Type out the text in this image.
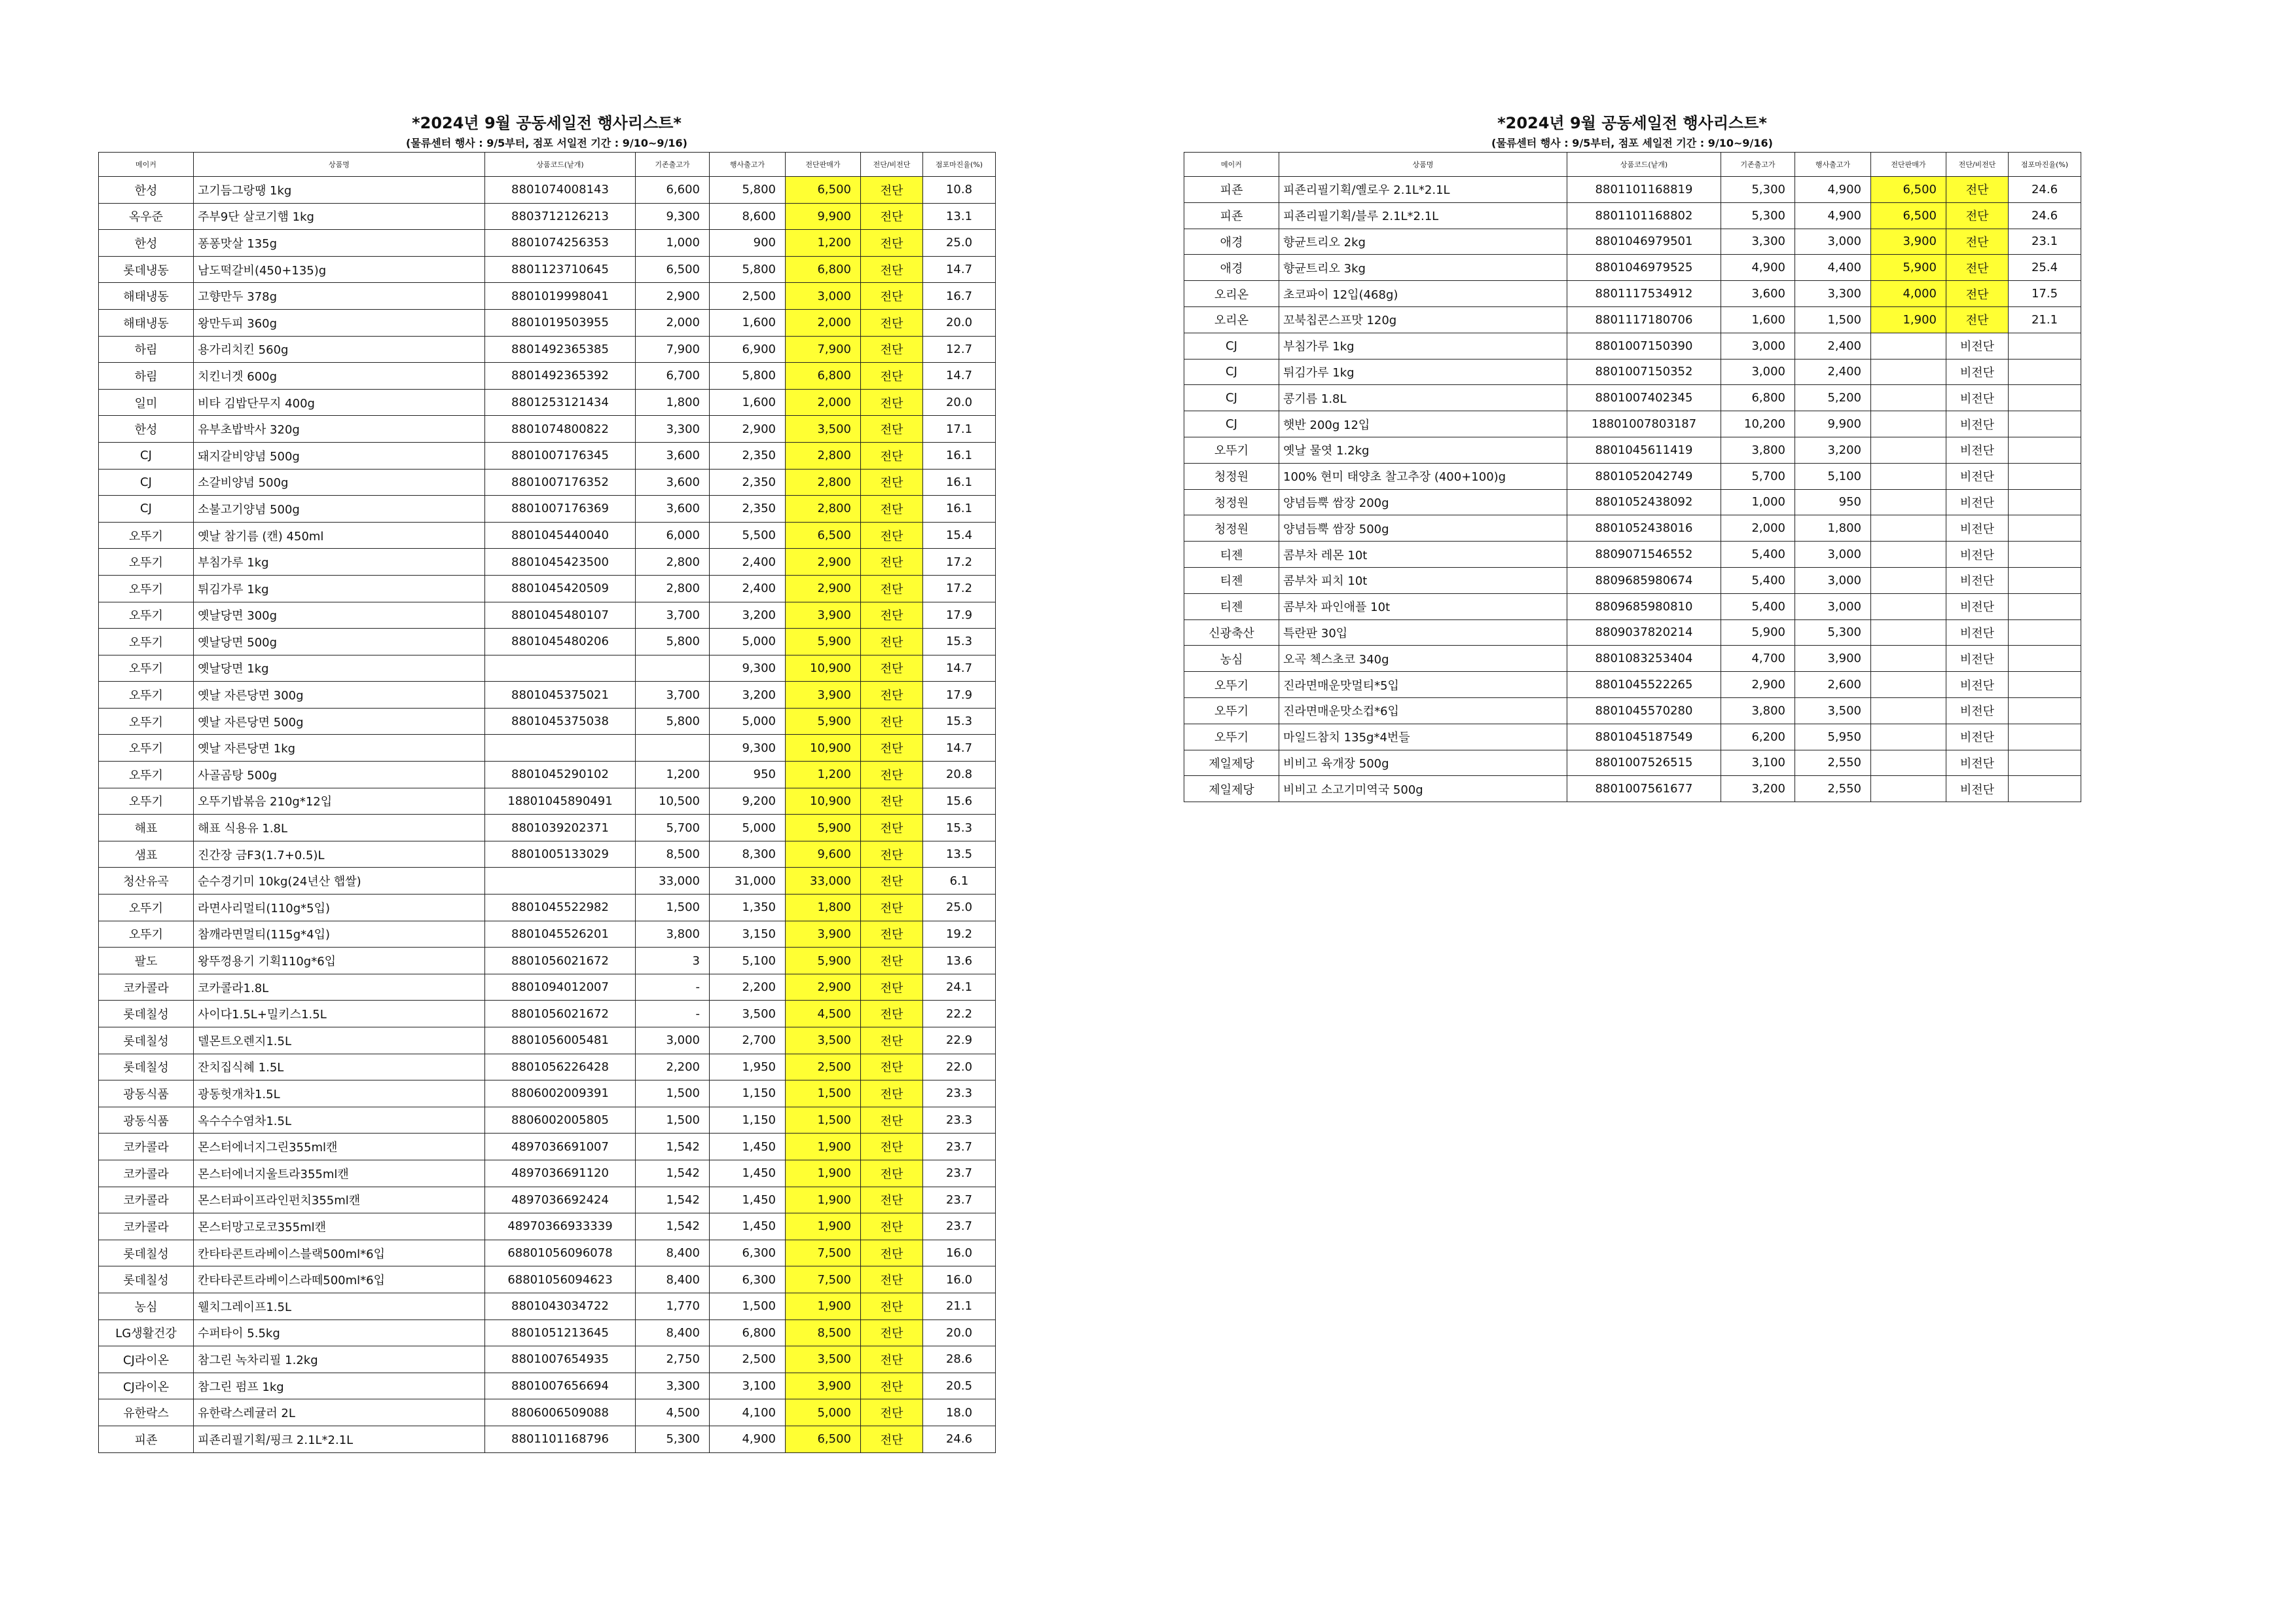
*2024년 9월 공동세일전 행사리스트*
(물류센터 행사 : 9/5부터, 점포 서일전 기간 : 9/10~9/16)
메이커	상품명	상품코드(낱개)	기존출고가	행사출고가	전단판매가	전단/비전단	점포마진율(%)
한성	고기듬그랑땡 1kg	8801074008143	6,600	5,800	6,500	전단	10.8
옥우준	주부9단 살코기햄 1kg	8803712126213	9,300	8,600	9,900	전단	13.1
한성	퐁퐁맛살 135g	8801074256353	1,000	900	1,200	전단	25.0
롯데냉동	남도떡갈비(450+135)g	8801123710645	6,500	5,800	6,800	전단	14.7
해태냉동	고향만두 378g	8801019998041	2,900	2,500	3,000	전단	16.7
해태냉동	왕만두피 360g	8801019503955	2,000	1,600	2,000	전단	20.0
하림	용가리치킨 560g	8801492365385	7,900	6,900	7,900	전단	12.7
하림	치킨너겟 600g	8801492365392	6,700	5,800	6,800	전단	14.7
일미	비타 김밥단무지 400g	8801253121434	1,800	1,600	2,000	전단	20.0
한성	유부초밥박사 320g	8801074800822	3,300	2,900	3,500	전단	17.1
CJ	돼지갈비양념 500g	8801007176345	3,600	2,350	2,800	전단	16.1
CJ	소갈비양념 500g	8801007176352	3,600	2,350	2,800	전단	16.1
CJ	소불고기양념 500g	8801007176369	3,600	2,350	2,800	전단	16.1
오뚜기	옛날 참기름 (캔) 450ml	8801045440040	6,000	5,500	6,500	전단	15.4
오뚜기	부침가루 1kg	8801045423500	2,800	2,400	2,900	전단	17.2
오뚜기	튀김가루 1kg	8801045420509	2,800	2,400	2,900	전단	17.2
오뚜기	옛날당면 300g	8801045480107	3,700	3,200	3,900	전단	17.9
오뚜기	옛날당면 500g	8801045480206	5,800	5,000	5,900	전단	15.3
오뚜기	옛날당면 1kg			9,300	10,900	전단	14.7
오뚜기	옛날 자른당면 300g	8801045375021	3,700	3,200	3,900	전단	17.9
오뚜기	옛날 자른당면 500g	8801045375038	5,800	5,000	5,900	전단	15.3
오뚜기	옛날 자른당면 1kg			9,300	10,900	전단	14.7
오뚜기	사골곰탕 500g	8801045290102	1,200	950	1,200	전단	20.8
오뚜기	오뚜기밥볶음 210g*12입	18801045890491	10,500	9,200	10,900	전단	15.6
해표	해표 식용유 1.8L	8801039202371	5,700	5,000	5,900	전단	15.3
샘표	진간장 금F3(1.7+0.5)L	8801005133029	8,500	8,300	9,600	전단	13.5
청산유곡	순수경기미 10kg(24년산 햅쌀)		33,000	31,000	33,000	전단	6.1
오뚜기	라면사리멀티(110g*5입)	8801045522982	1,500	1,350	1,800	전단	25.0
오뚜기	참깨라면멀티(115g*4입)	8801045526201	3,800	3,150	3,900	전단	19.2
팔도	왕뚜껑용기 기획110g*6입	8801056021672	3	5,100	5,900	전단	13.6
코카콜라	코카콜라1.8L	8801094012007	-	2,200	2,900	전단	24.1
롯데칠성	사이다1.5L+밀키스1.5L	8801056021672	-	3,500	4,500	전단	22.2
롯데칠성	델몬트오렌지1.5L	8801056005481	3,000	2,700	3,500	전단	22.9
롯데칠성	잔치집식혜 1.5L	8801056226428	2,200	1,950	2,500	전단	22.0
광동식품	광동헛개차1.5L	8806002009391	1,500	1,150	1,500	전단	23.3
광동식품	옥수수수염차1.5L	8806002005805	1,500	1,150	1,500	전단	23.3
코카콜라	몬스터에너지그린355ml캔	4897036691007	1,542	1,450	1,900	전단	23.7
코카콜라	몬스터에너지울트라355ml캔	4897036691120	1,542	1,450	1,900	전단	23.7
코카콜라	몬스터파이프라인펀치355ml캔	4897036692424	1,542	1,450	1,900	전단	23.7
코카콜라	몬스터망고로코355ml캔	48970366933339	1,542	1,450	1,900	전단	23.7
롯데칠성	칸타타콘트라베이스블랙500ml*6입	68801056096078	8,400	6,300	7,500	전단	16.0
롯데칠성	칸타타콘트라베이스라떼500ml*6입	68801056094623	8,400	6,300	7,500	전단	16.0
농심	웰치그레이프1.5L	8801043034722	1,770	1,500	1,900	전단	21.1
LG생활건강	수퍼타이 5.5kg	8801051213645	8,400	6,800	8,500	전단	20.0
CJ라이온	참그린 녹차리필 1.2kg	8801007654935	2,750	2,500	3,500	전단	28.6
CJ라이온	참그린 펌프 1kg	8801007656694	3,300	3,100	3,900	전단	20.5
유한락스	유한락스레귤러 2L	8806006509088	4,500	4,100	5,000	전단	18.0
피죤	피죤리필기획/핑크 2.1L*2.1L	8801101168796	5,300	4,900	6,500	전단	24.6
*2024년 9월 공동세일전 행사리스트*
(물류센터 행사 : 9/5부터, 점포 세일전 기간 : 9/10~9/16)
메이커	상품명	상품코드(낱개)	기존출고가	행사출고가	전단판매가	전단/비전단	점포마진율(%)
피죤	피죤리필기획/옐로우 2.1L*2.1L	8801101168819	5,300	4,900	6,500	전단	24.6
피죤	피죤리필기획/블루 2.1L*2.1L	8801101168802	5,300	4,900	6,500	전단	24.6
애경	향균트리오 2kg	8801046979501	3,300	3,000	3,900	전단	23.1
애경	향균트리오 3kg	8801046979525	4,900	4,400	5,900	전단	25.4
오리온	초코파이 12입(468g)	8801117534912	3,600	3,300	4,000	전단	17.5
오리온	꼬북칩콘스프맛 120g	8801117180706	1,600	1,500	1,900	전단	21.1
CJ	부침가루 1kg	8801007150390	3,000	2,400		비전단	
CJ	튀김가루 1kg	8801007150352	3,000	2,400		비전단	
CJ	콩기름 1.8L	8801007402345	6,800	5,200		비전단	
CJ	햇반 200g 12입	18801007803187	10,200	9,900		비전단	
오뚜기	옛날 물엿 1.2kg	8801045611419	3,800	3,200		비전단	
청정원	100% 현미 태양초 찰고추장 (400+100)g	8801052042749	5,700	5,100		비전단	
청정원	양념듬뿍 쌈장 200g	8801052438092	1,000	950		비전단	
청정원	양념듬뿍 쌈장 500g	8801052438016	2,000	1,800		비전단	
티젠	콤부차 레몬 10t	8809071546552	5,400	3,000		비전단	
티젠	콤부차 피치 10t	8809685980674	5,400	3,000		비전단	
티젠	콤부차 파인애플 10t	8809685980810	5,400	3,000		비전단	
신광축산	특란판 30입	8809037820214	5,900	5,300		비전단	
농심	오곡 첵스초코 340g	8801083253404	4,700	3,900		비전단	
오뚜기	진라면매운맛멀티*5입	8801045522265	2,900	2,600		비전단	
오뚜기	진라면매운맛소컵*6입	8801045570280	3,800	3,500		비전단	
오뚜기	마일드참치 135g*4번들	8801045187549	6,200	5,950		비전단	
제일제당	비비고 육개장 500g	8801007526515	3,100	2,550		비전단	
제일제당	비비고 소고기미역국 500g	8801007561677	3,200	2,550		비전단	
